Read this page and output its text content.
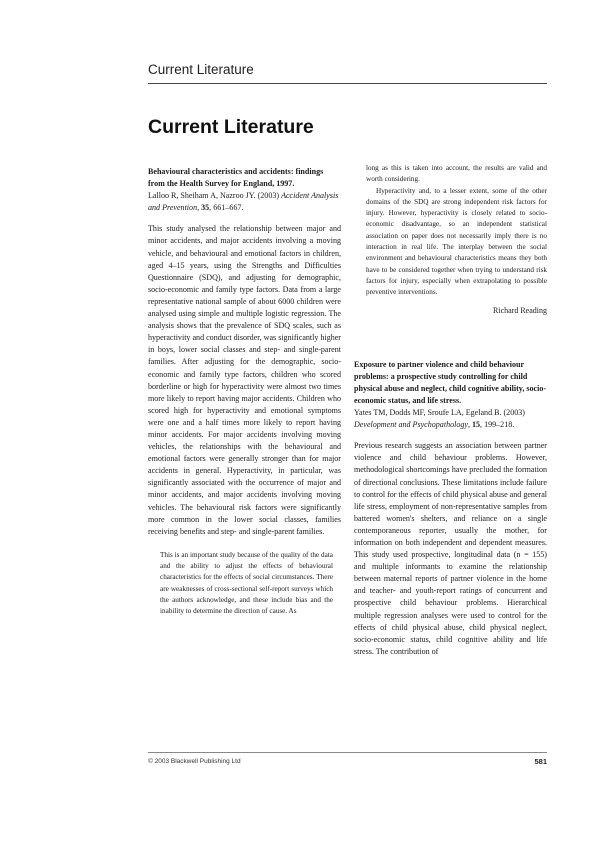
Current Literature
Current Literature

Behavioural characteristics and accidents: findings from the Health Survey for England, 1997.

Lalloo R, Sheiham A, Nazroo JY. (2003) Accident Analysis and Prevention, 35, 661–667.

This study analysed the relationship between major and minor accidents, and major accidents involving a moving vehicle, and behavioural and emotional factors in children, aged 4–15 years, using the Strengths and Difficulties Questionnaire (SDQ), and adjusting for demographic, socio-economic and family type factors. Data from a large representative national sample of about 6000 children were analysed using simple and multiple logistic regression. The analysis shows that the prevalence of SDQ scales, such as hyperactivity and conduct disorder, was significantly higher in boys, lower social classes and step- and single-parent families. After adjusting for the demographic, socio-economic and family type factors, children who scored borderline or high for hyperactivity were almost two times more likely to report having major accidents. Children who scored high for hyperactivity and emotional symptoms were one and a half times more likely to report having minor accidents. For major accidents involving moving vehicles, the relationships with the behavioural and emotional factors were generally stronger than for major accidents in general. Hyperactivity, in particular, was significantly associated with the occurrence of major and minor accidents, and major accidents involving moving vehicles. The behavioural risk factors were significantly more common in the lower social classes, families receiving benefits and step- and single-parent families.

This is an important study because of the quality of the data and the ability to adjust the effects of behavioural characteristics for the effects of social circumstances. There are weaknesses of cross-sectional self-report surveys which the authors acknowledge, and these include bias and the inability to determine the direction of cause. As

long as this is taken into account, the results are valid and worth considering.

Hyperactivity and, to a lesser extent, some of the other domains of the SDQ are strong independent risk factors for injury. However, hyperactivity is closely related to socio-economic disadvantage, so an independent statistical association on paper does not necessarily imply there is no interaction in real life. The interplay between the social environment and behavioural characteristics means they both have to be considered together when trying to understand risk factors for injury, especially when extrapolating to possible preventive interventions.

Richard Reading

Exposure to partner violence and child behaviour problems: a prospective study controlling for child physical abuse and neglect, child cognitive ability, socio-economic status, and life stress.

Yates TM, Dodds MF, Sroufe LA, Egeland B. (2003) Development and Psychopathology, 15, 199–218.

Previous research suggests an association between partner violence and child behaviour problems. However, methodological shortcomings have precluded the formation of directional conclusions. These limitations include failure to control for the effects of child physical abuse and general life stress, employment of non-representative samples from battered women's shelters, and reliance on a single contemporaneous reporter, usually the mother, for information on both independent and dependent measures. This study used prospective, longitudinal data (n = 155) and multiple informants to examine the relationship between maternal reports of partner violence in the home and teacher- and youth-report ratings of concurrent and prospective child behaviour problems. Hierarchical multiple regression analyses were used to control for the effects of child physical abuse, child physical neglect, socio-economic status, child cognitive ability and life stress. The contribution of

© 2003 Blackwell Publishing Ltd	581
